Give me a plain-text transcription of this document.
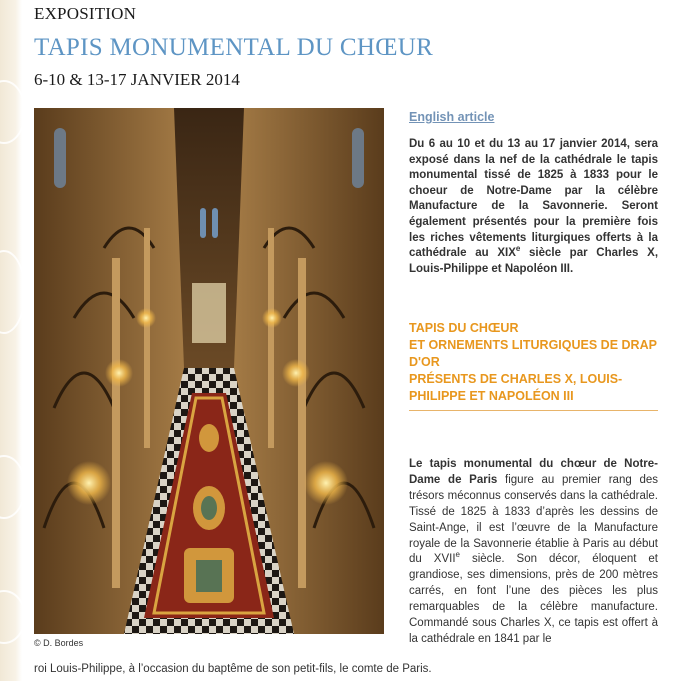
EXPOSITION
TAPIS MONUMENTAL DU CHŒUR
6-10 & 13-17 JANVIER 2014
© D. Bordes
English article

Du 6 au 10 et du 13 au 17 janvier 2014, sera exposé dans la nef de la cathédrale le tapis monumental tissé de 1825 à 1833 pour le choeur de Notre-Dame par la célèbre Manufacture de la Savonnerie. Seront également présentés pour la première fois les riches vêtements liturgiques offerts à la cathédrale au XIXe siècle par Charles X, Louis-Philippe et Napoléon III.

TAPIS DU CHŒUR
ET ORNEMENTS LITURGIQUES DE DRAP D'OR
PRÉSENTS DE CHARLES X, LOUIS-PHILIPPE ET NAPOLÉON III

Le tapis monumental du chœur de Notre-Dame de Paris figure au premier rang des trésors méconnus conservés dans la cathédrale. Tissé de 1825 à 1833 d’après les dessins de Saint-Ange, il est l’œuvre de la Manufacture royale de la Savonnerie établie à Paris au début du XVIIe siècle. Son décor, éloquent et grandiose, ses dimensions, près de 200 mètres carrés, en font l’une des pièces les plus remarquables de la célèbre manufacture. Commandé sous Charles X, ce tapis est offert à la cathédrale en 1841 par le

roi Louis-Philippe, à l’occasion du baptême de son petit-fils, le comte de Paris.
